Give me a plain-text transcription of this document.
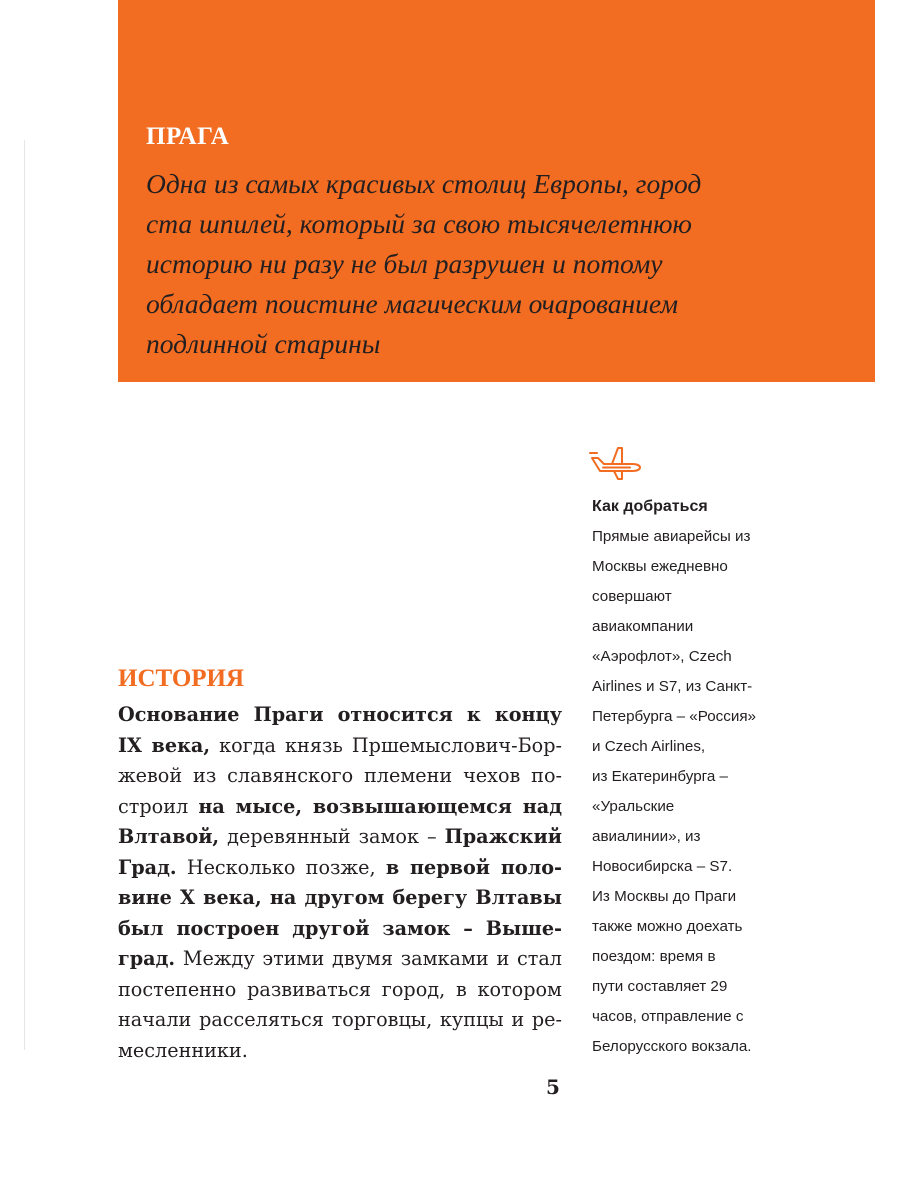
ПРАГА

Одна из самых красивых столиц Европы, город
ста шпилей, который за свою тысячелетнюю
историю ни разу не был разрушен и потому
обладает поистине магическим очарованием
подлинной старины

ИСТОРИЯ
Основание Праги относится к концу
IX века, когда князь Пршемыслович-Бор-
жевой из славянского племени чехов по-
строил на мысе, возвышающемся над
Влтавой, деревянный замок – Пражский
Град. Несколько позже, в первой поло-
вине X века, на другом берегу Влтавы
был построен другой замок – Выше-
град. Между этими двумя замками и стал
постепенно развиваться город, в котором
начали расселяться торговцы, купцы и ре-
месленники.
Как добраться
Прямые авиарейсы из
Москвы ежедневно
совершают
авиакомпании
«Аэрофлот», Czech
Airlines и S7, из Санкт-
Петербурга – «Россия»
и Czech Airlines,
из Екатеринбурга –
«Уральские
авиалинии», из
Новосибирска – S7.
Из Москвы до Праги
также можно доехать
поездом: время в
пути составляет 29
часов, отправление с
Белорусского вокзала.

5
